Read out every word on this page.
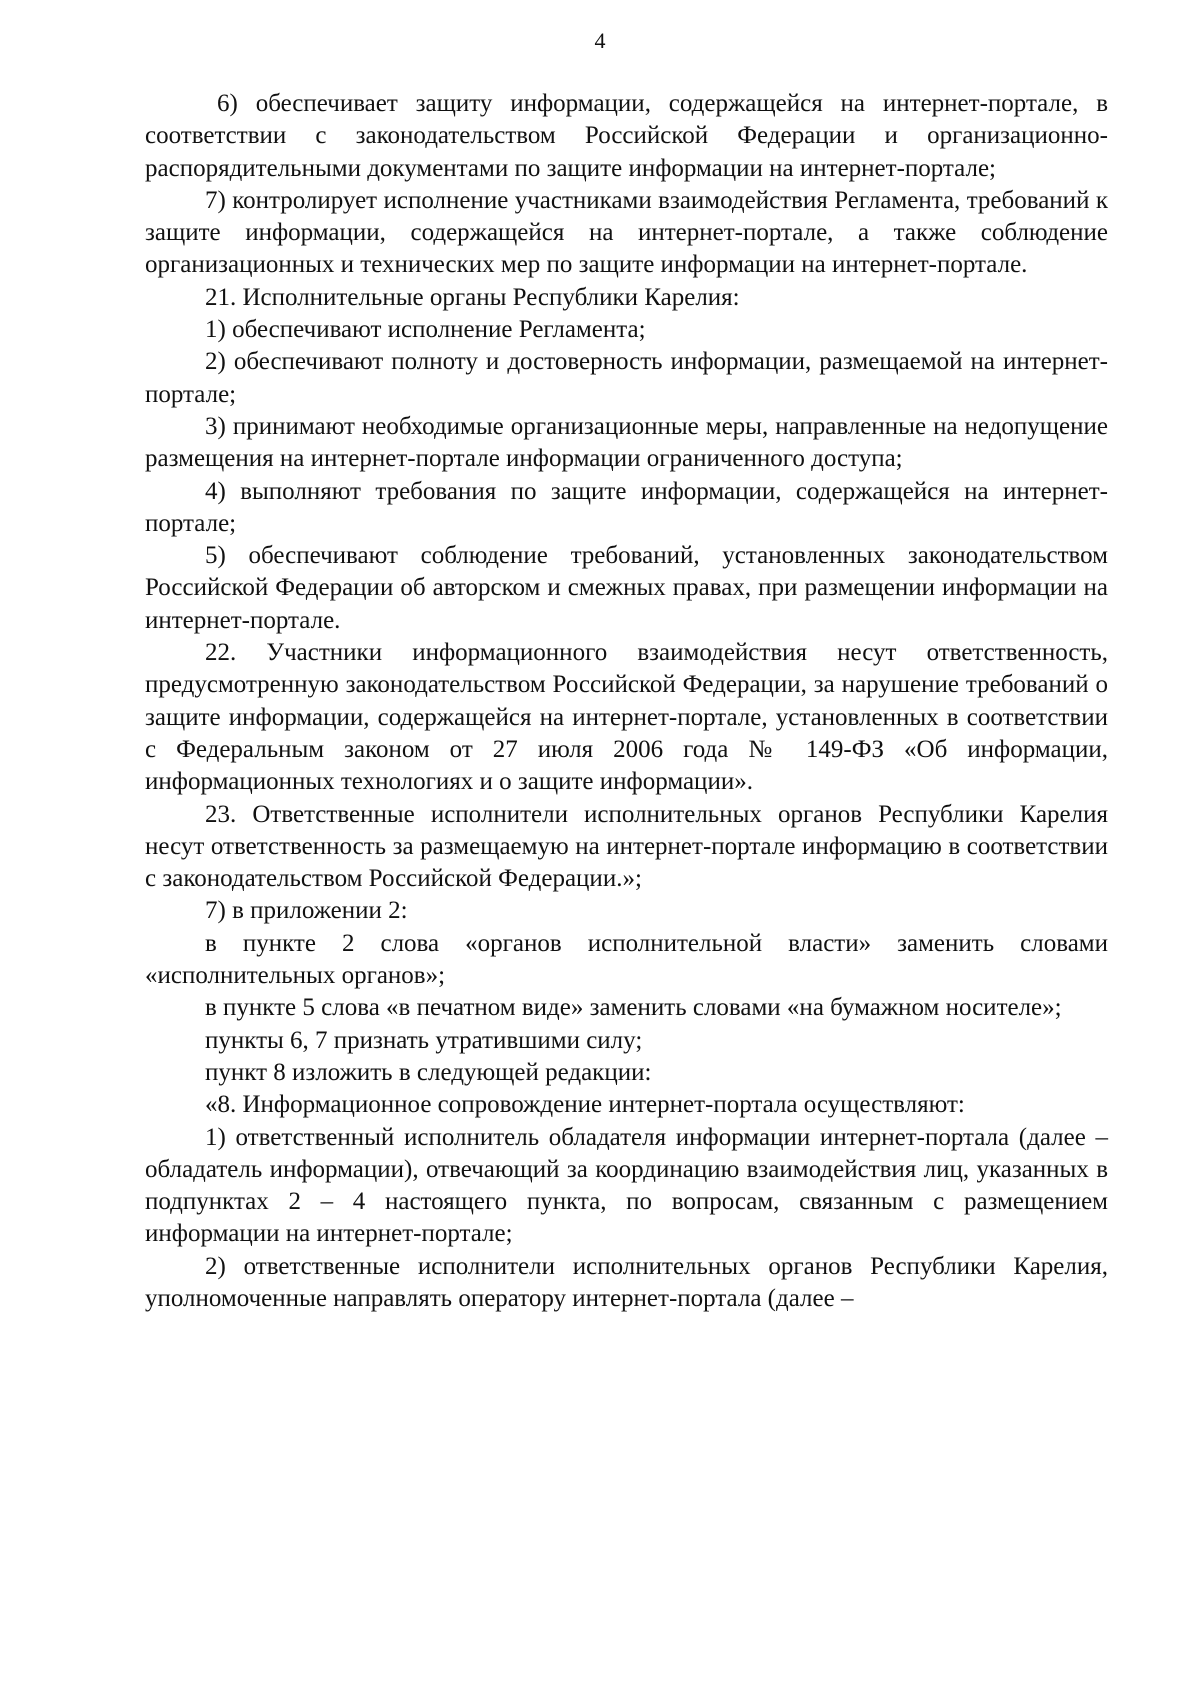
4

6) обеспечивает защиту информации, содержащейся на интернет-портале, в соответствии с законодательством Российской Федерации и организационно-распорядительными документами по защите информации на интернет-портале;

7) контролирует исполнение участниками взаимодействия Регламента, требований к защите информации, содержащейся на интернет-портале, а также соблюдение организационных и технических мер по защите информации на интернет-портале.

21. Исполнительные органы Республики Карелия:

1) обеспечивают исполнение Регламента;

2) обеспечивают полноту и достоверность информации, размещаемой на интернет-портале;

3) принимают необходимые организационные меры, направленные на недопущение размещения на интернет-портале информации ограниченного доступа;

4) выполняют требования по защите информации, содержащейся на интернет-портале;

5) обеспечивают соблюдение требований, установленных законодательством Российской Федерации об авторском и смежных правах, при размещении информации на интернет-портале.

22. Участники информационного взаимодействия несут ответственность, предусмотренную законодательством Российской Федерации, за нарушение требований о защите информации, содержащейся на интернет-портале, установленных в соответствии с Федеральным законом от 27 июля 2006 года № 149-ФЗ «Об информации, информационных технологиях и о защите информации».

23. Ответственные исполнители исполнительных органов Республики Карелия несут ответственность за размещаемую на интернет-портале информацию в соответствии с законодательством Российской Федерации.»;

7) в приложении 2:

в пункте 2 слова «органов исполнительной власти» заменить словами «исполнительных органов»;

в пункте 5 слова «в печатном виде» заменить словами «на бумажном носителе»;

пункты 6, 7 признать утратившими силу;

пункт 8 изложить в следующей редакции:

«8. Информационное сопровождение интернет-портала осуществляют:

1) ответственный исполнитель обладателя информации интернет-портала (далее – обладатель информации), отвечающий за координацию взаимодействия лиц, указанных в подпунктах 2 – 4 настоящего пункта, по вопросам, связанным с размещением информации на интернет-портале;

2) ответственные исполнители исполнительных органов Республики Карелия, уполномоченные направлять оператору интернет-портала (далее –
